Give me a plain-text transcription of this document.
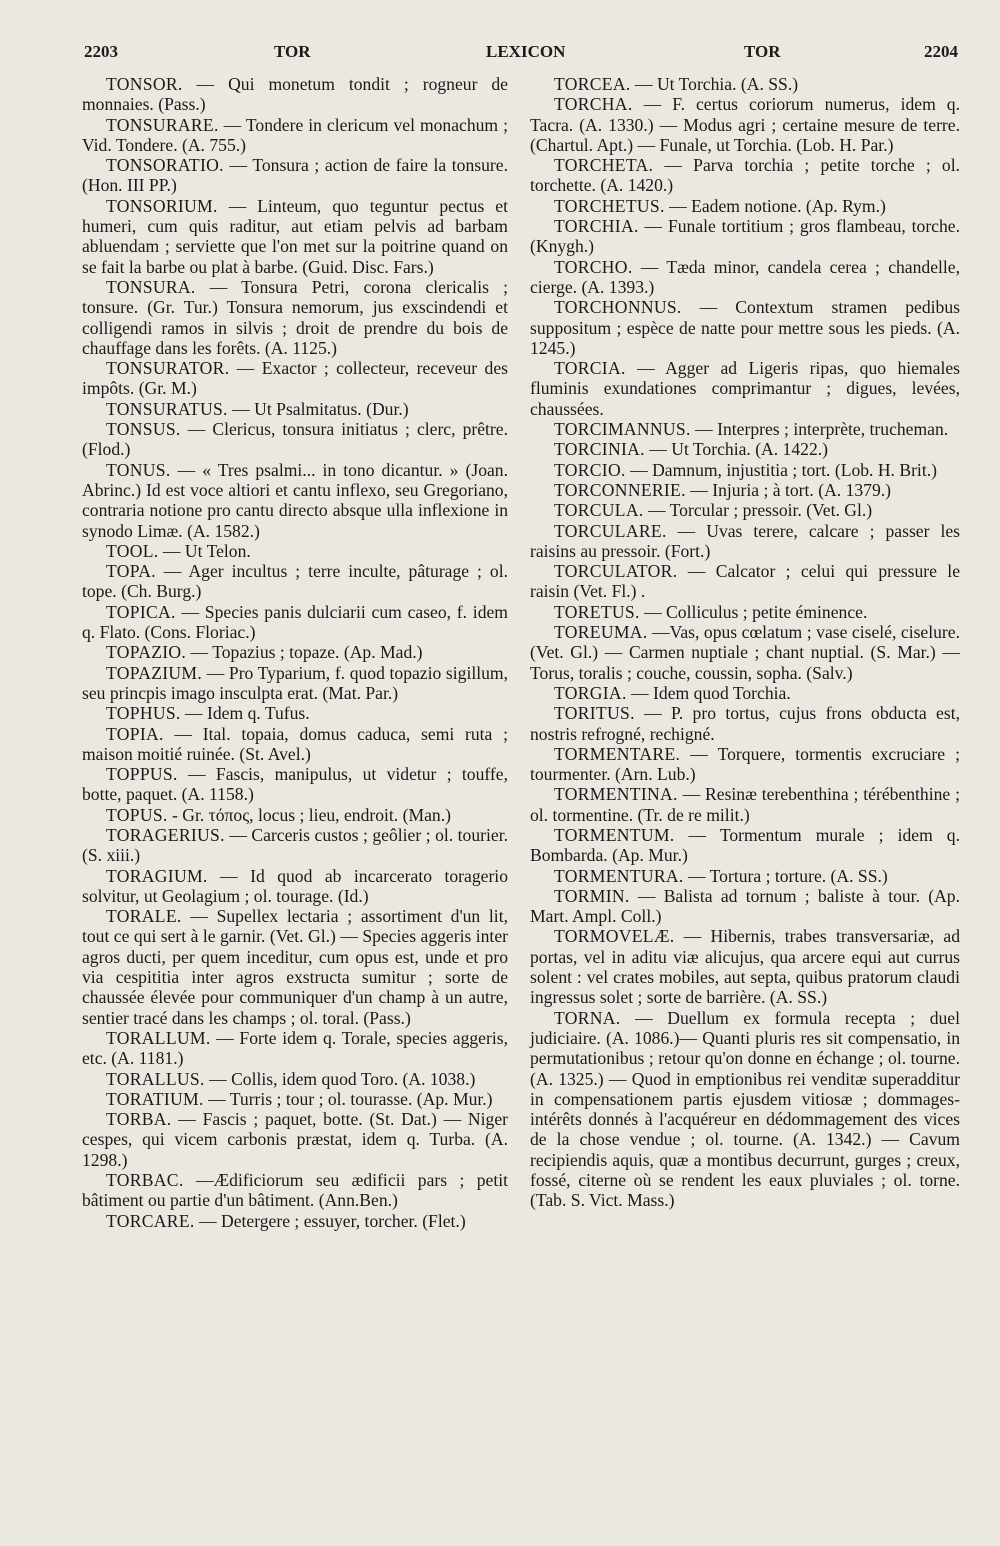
2203	TOR	LEXICON	TOR	2204

TONSOR. — Qui monetum tondit ; rogneur de monnaies. (Pass.)

TONSURARE. — Tondere in clericum vel monachum ; Vid. Tondere. (A. 755.)

TONSORATIO. — Tonsura ; action de faire la tonsure. (Hon. III PP.)

TONSORIUM. — Linteum, quo teguntur pectus et humeri, cum quis raditur, aut etiam pelvis ad barbam abluendam ; serviette que l'on met sur la poitrine quand on se fait la barbe ou plat à barbe. (Guid. Disc. Fars.)

TONSURA. — Tonsura Petri, corona clericalis ; tonsure. (Gr. Tur.) Tonsura nemorum, jus exscindendi et colligendi ramos in silvis ; droit de prendre du bois de chauffage dans les forêts. (A. 1125.)

TONSURATOR. — Exactor ; collecteur, receveur des impôts. (Gr. M.)

TONSURATUS. — Ut Psalmitatus. (Dur.)

TONSUS. — Clericus, tonsura initiatus ; clerc, prêtre. (Flod.)

TONUS. — « Tres psalmi... in tono dicantur. » (Joan. Abrinc.) Id est voce altiori et cantu inflexo, seu Gregoriano, contraria notione pro cantu directo absque ulla inflexione in synodo Limæ. (A. 1582.)

TOOL. — Ut Telon.

TOPA. — Ager incultus ; terre inculte, pâturage ; ol. tope. (Ch. Burg.)

TOPICA. — Species panis dulciarii cum caseo, f. idem q. Flato. (Cons. Floriac.)

TOPAZIO. — Topazius ; topaze. (Ap. Mad.)

TOPAZIUM. — Pro Typarium, f. quod topazio sigillum, seu princpis imago insculpta erat. (Mat. Par.)

TOPHUS. — Idem q. Tufus.

TOPIA. — Ital. topaia, domus caduca, semi ruta ; maison moitié ruinée. (St. Avel.)

TOPPUS. — Fascis, manipulus, ut videtur ; touffe, botte, paquet. (A. 1158.)

TOPUS. - Gr. τόπος, locus ; lieu, endroit. (Man.)

TORAGERIUS. — Carceris custos ; geôlier ; ol. tourier. (S. xiii.)

TORAGIUM. — Id quod ab incarcerato toragerio solvitur, ut Geolagium ; ol. tourage. (Id.)

TORALE. — Supellex lectaria ; assortiment d'un lit, tout ce qui sert à le garnir. (Vet. Gl.) — Species aggeris inter agros ducti, per quem inceditur, cum opus est, unde et pro via cespititia inter agros exstructa sumitur ; sorte de chaussée élevée pour communiquer d'un champ à un autre, sentier tracé dans les champs ; ol. toral. (Pass.)

TORALLUM. — Forte idem q. Torale, species aggeris, etc. (A. 1181.)

TORALLUS. — Collis, idem quod Toro. (A. 1038.)

TORATIUM. — Turris ; tour ; ol. tourasse. (Ap. Mur.)

TORBA. — Fascis ; paquet, botte. (St. Dat.) — Niger cespes, qui vicem carbonis præstat, idem q. Turba. (A. 1298.)

TORBAC. —Ædificiorum seu ædificii pars ; petit bâtiment ou partie d'un bâtiment. (Ann.Ben.)

TORCARE. — Detergere ; essuyer, torcher. (Flet.)

TORCEA. — Ut Torchia. (A. SS.)

TORCHA. — F. certus coriorum numerus, idem q. Tacra. (A. 1330.) — Modus agri ; certaine mesure de terre. (Chartul. Apt.) — Funale, ut Torchia. (Lob. H. Par.)

TORCHETA. — Parva torchia ; petite torche ; ol. torchette. (A. 1420.)

TORCHETUS. — Eadem notione. (Ap. Rym.)

TORCHIA. — Funale tortitium ; gros flambeau, torche. (Knygh.)

TORCHO. — Tæda minor, candela cerea ; chandelle, cierge. (A. 1393.)

TORCHONNUS. — Contextum stramen pedibus suppositum ; espèce de natte pour mettre sous les pieds. (A. 1245.)

TORCIA. — Agger ad Ligeris ripas, quo hiemales fluminis exundationes comprimantur ; digues, levées, chaussées.

TORCIMANNUS. — Interpres ; interprète, trucheman.

TORCINIA. — Ut Torchia. (A. 1422.)

TORCIO. — Damnum, injustitia ; tort. (Lob. H. Brit.)

TORCONNERIE. — Injuria ; à tort. (A. 1379.)

TORCULA. — Torcular ; pressoir. (Vet. Gl.)

TORCULARE. — Uvas terere, calcare ; passer les raisins au pressoir. (Fort.)

TORCULATOR. — Calcator ; celui qui pressure le raisin (Vet. Fl.) .

TORETUS. — Colliculus ; petite éminence.

TOREUMA. —Vas, opus cœlatum ; vase ciselé, ciselure. (Vet. Gl.) — Carmen nuptiale ; chant nuptial. (S. Mar.) — Torus, toralis ; couche, coussin, sopha. (Salv.)

TORGIA. — Idem quod Torchia.

TORITUS. — P. pro tortus, cujus frons obducta est, nostris refrogné, rechigné.

TORMENTARE. — Torquere, tormentis excruciare ; tourmenter. (Arn. Lub.)

TORMENTINA. — Resinæ terebenthina ; térébenthine ; ol. tormentine. (Tr. de re milit.)

TORMENTUM. — Tormentum murale ; idem q. Bombarda. (Ap. Mur.)

TORMENTURA. — Tortura ; torture. (A. SS.)

TORMIN. — Balista ad tornum ; baliste à tour. (Ap. Mart. Ampl. Coll.)

TORMOVELÆ. — Hibernis, trabes transversariæ, ad portas, vel in aditu viæ alicujus, qua arcere equi aut currus solent : vel crates mobiles, aut septa, quibus pratorum claudi ingressus solet ; sorte de barrière. (A. SS.)

TORNA. — Duellum ex formula recepta ; duel judiciaire. (A. 1086.)— Quanti pluris res sit compensatio, in permutationibus ; retour qu'on donne en échange ; ol. tourne. (A. 1325.) — Quod in emptionibus rei venditæ superadditur in compensationem partis ejusdem vitiosæ ; dommages-intérêts donnés à l'acquéreur en dédommagement des vices de la chose vendue ; ol. tourne. (A. 1342.) — Cavum recipiendis aquis, quæ a montibus decurrunt, gurges ; creux, fossé, citerne où se rendent les eaux pluviales ; ol. torne. (Tab. S. Vict. Mass.)
